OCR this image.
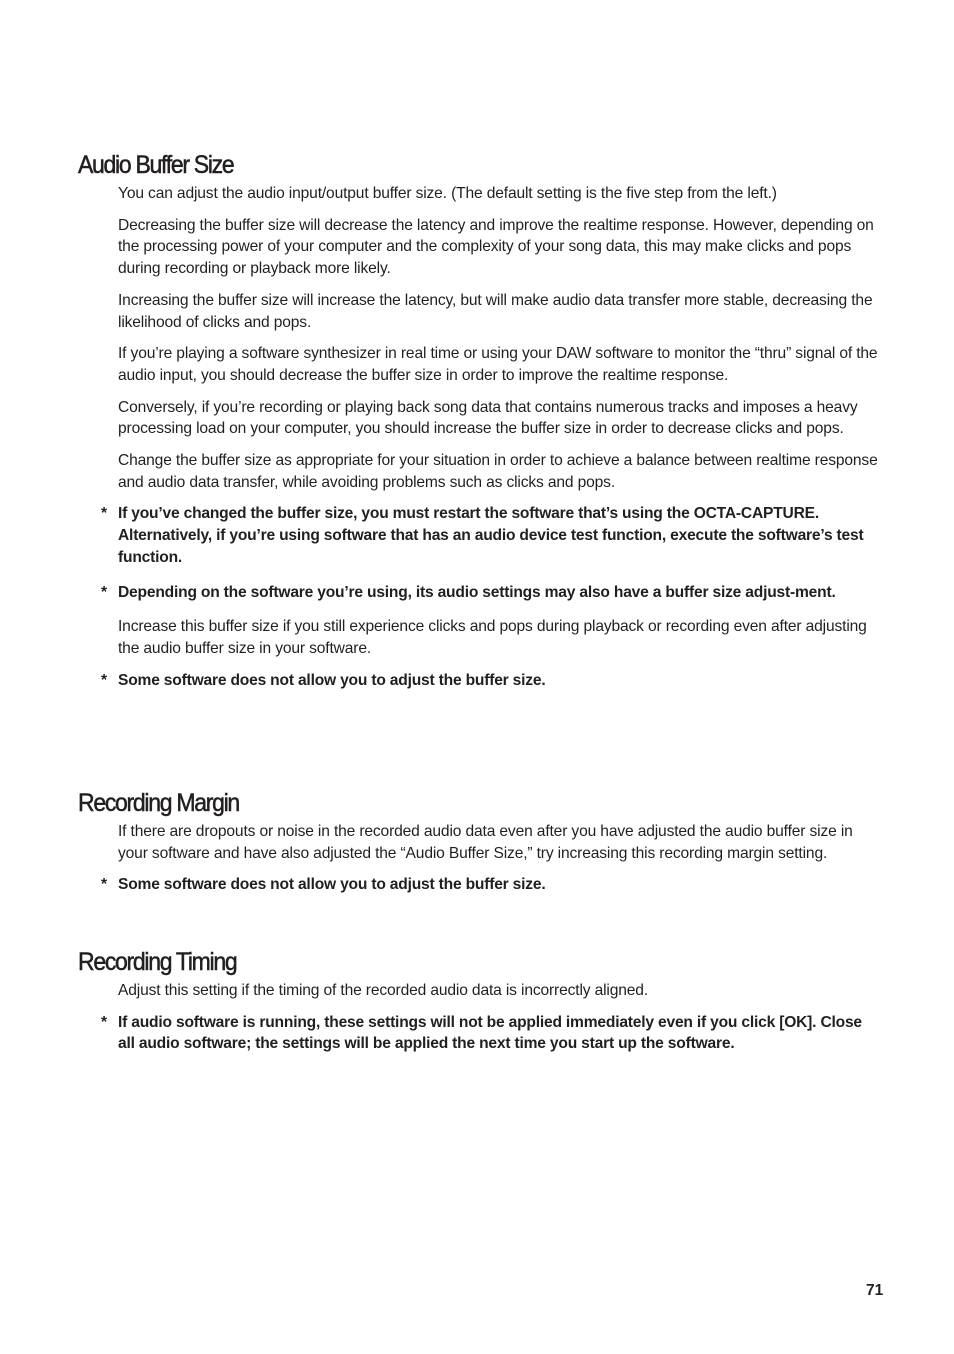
Audio Buffer Size

You can adjust the audio input/output buffer size. (The default setting is the five step from the left.)

Decreasing the buffer size will decrease the latency and improve the realtime response. However, depending on the processing power of your computer and the complexity of your song data, this may make clicks and pops during recording or playback more likely.

Increasing the buffer size will increase the latency, but will make audio data transfer more stable, decreasing the likelihood of clicks and pops.

If you’re playing a software synthesizer in real time or using your DAW software to monitor the “thru” signal of the audio input, you should decrease the buffer size in order to improve the realtime response.

Conversely, if you’re recording or playing back song data that contains numerous tracks and imposes a heavy processing load on your computer, you should increase the buffer size in order to decrease clicks and pops.

Change the buffer size as appropriate for your situation in order to achieve a balance between realtime response and audio data transfer, while avoiding problems such as clicks and pops.

* If you’ve changed the buffer size, you must restart the software that’s using the OCTA-CAPTURE. Alternatively, if you’re using software that has an audio device test function, execute the software’s test function.
* Depending on the software you’re using, its audio settings may also have a buffer size adjust-ment.

Increase this buffer size if you still experience clicks and pops during playback or recording even after adjusting the audio buffer size in your software.

* Some software does not allow you to adjust the buffer size.
Recording Margin

If there are dropouts or noise in the recorded audio data even after you have adjusted the audio buffer size in your software and have also adjusted the “Audio Buffer Size,” try increasing this recording margin setting.

* Some software does not allow you to adjust the buffer size.
Recording Timing

Adjust this setting if the timing of the recorded audio data is incorrectly aligned.

* If audio software is running, these settings will not be applied immediately even if you click [OK]. Close all audio software; the settings will be applied the next time you start up the software.
71
